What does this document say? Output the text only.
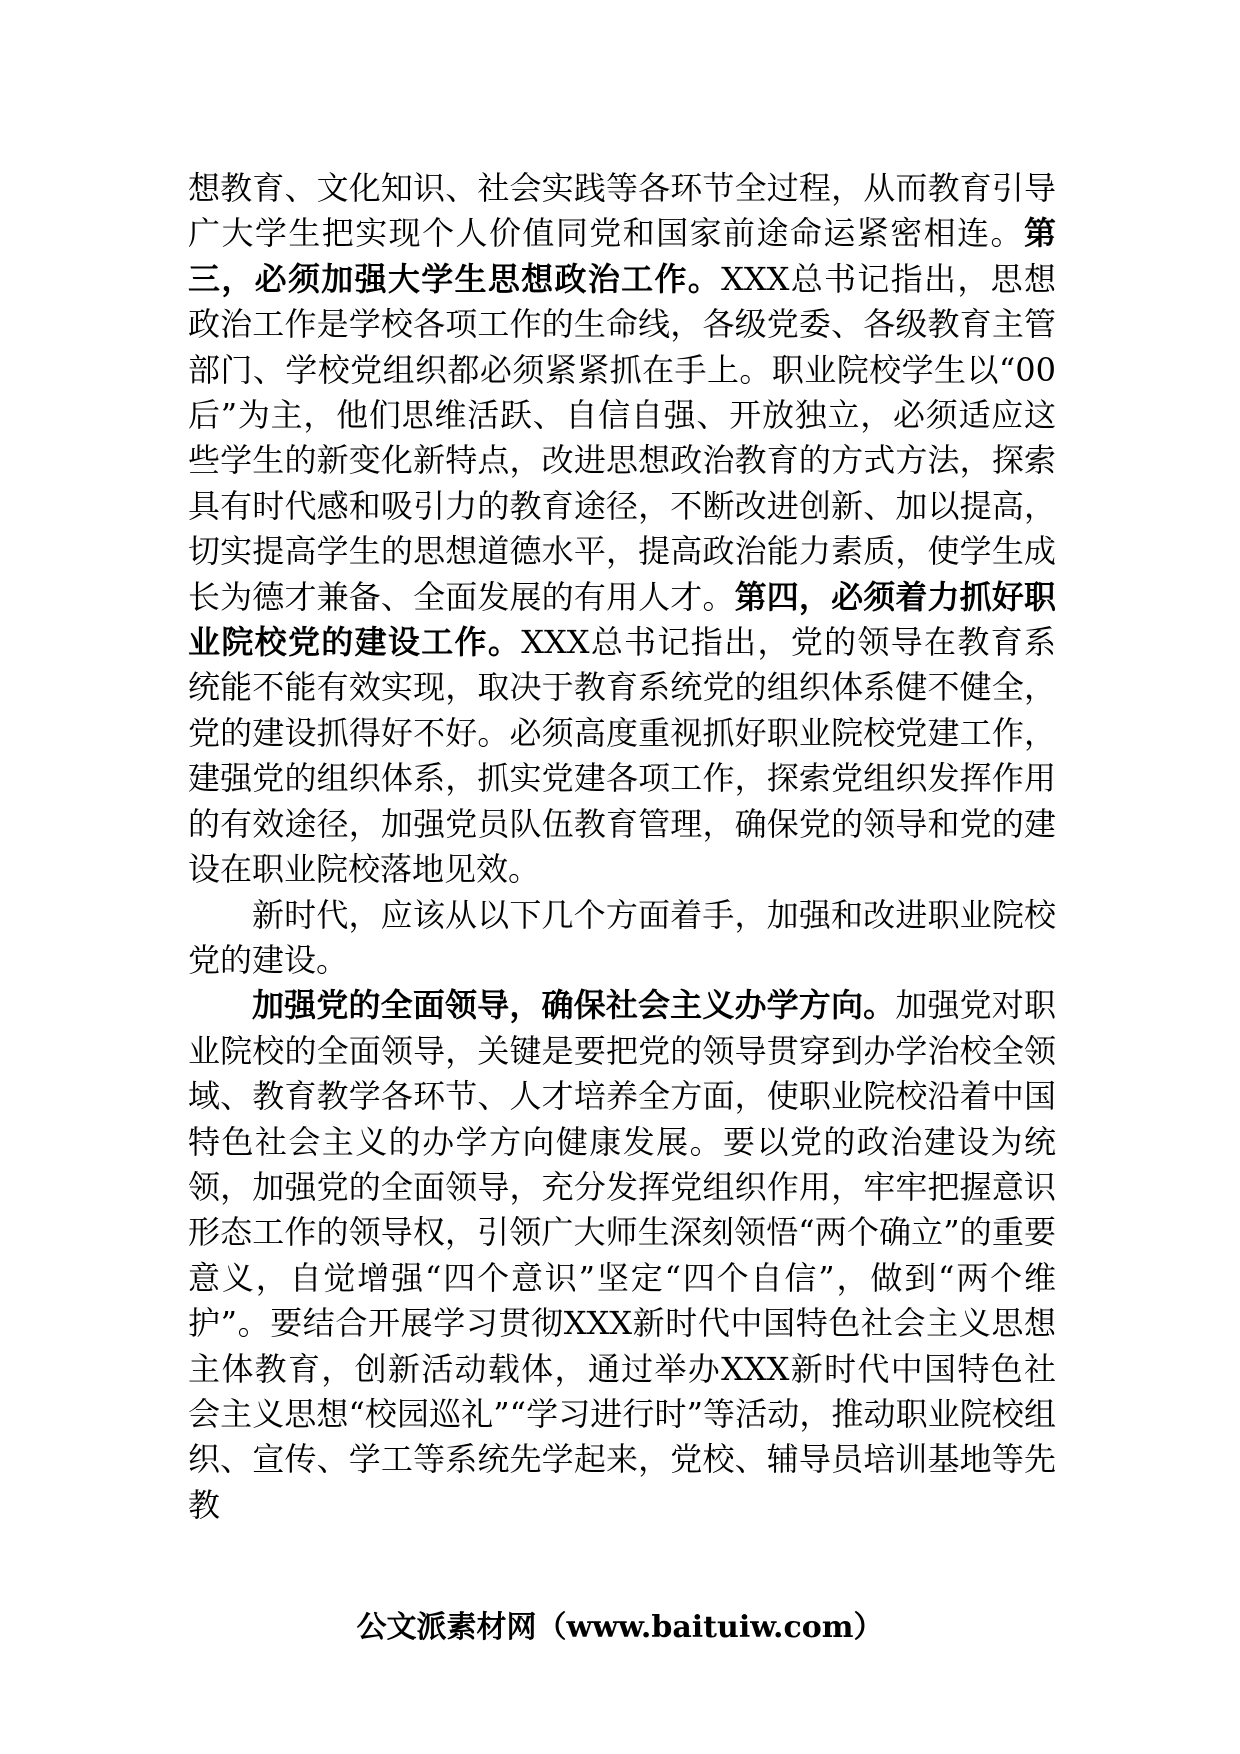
想教育、文化知识、社会实践等各环节全过程，从而教育引导广大学生把实现个人价值同党和国家前途命运紧密相连。第三，必须加强大学生思想政治工作。XXX总书记指出，思想政治工作是学校各项工作的生命线，各级党委、各级教育主管部门、学校党组织都必须紧紧抓在手上。职业院校学生以“00后”为主，他们思维活跃、自信自强、开放独立，必须适应这些学生的新变化新特点，改进思想政治教育的方式方法，探索具有时代感和吸引力的教育途径，不断改进创新、加以提高，切实提高学生的思想道德水平，提高政治能力素质，使学生成长为德才兼备、全面发展的有用人才。第四，必须着力抓好职业院校党的建设工作。XXX总书记指出，党的领导在教育系统能不能有效实现，取决于教育系统党的组织体系健不健全，党的建设抓得好不好。必须高度重视抓好职业院校党建工作，建强党的组织体系，抓实党建各项工作，探索党组织发挥作用的有效途径，加强党员队伍教育管理，确保党的领导和党的建设在职业院校落地见效。

新时代，应该从以下几个方面着手，加强和改进职业院校党的建设。

加强党的全面领导，确保社会主义办学方向。加强党对职业院校的全面领导，关键是要把党的领导贯穿到办学治校全领域、教育教学各环节、人才培养全方面，使职业院校沿着中国特色社会主义的办学方向健康发展。要以党的政治建设为统领，加强党的全面领导，充分发挥党组织作用，牢牢把握意识形态工作的领导权，引领广大师生深刻领悟“两个确立”的重要意义，自觉增强“四个意识”坚定“四个自信”，做到“两个维护”。要结合开展学习贯彻XXX新时代中国特色社会主义思想主体教育，创新活动载体，通过举办XXX新时代中国特色社会主义思想“校园巡礼”“学习进行时”等活动，推动职业院校组织、宣传、学工等系统先学起来，党校、辅导员培训基地等先教

公文派素材网（www.baituiw.com）
